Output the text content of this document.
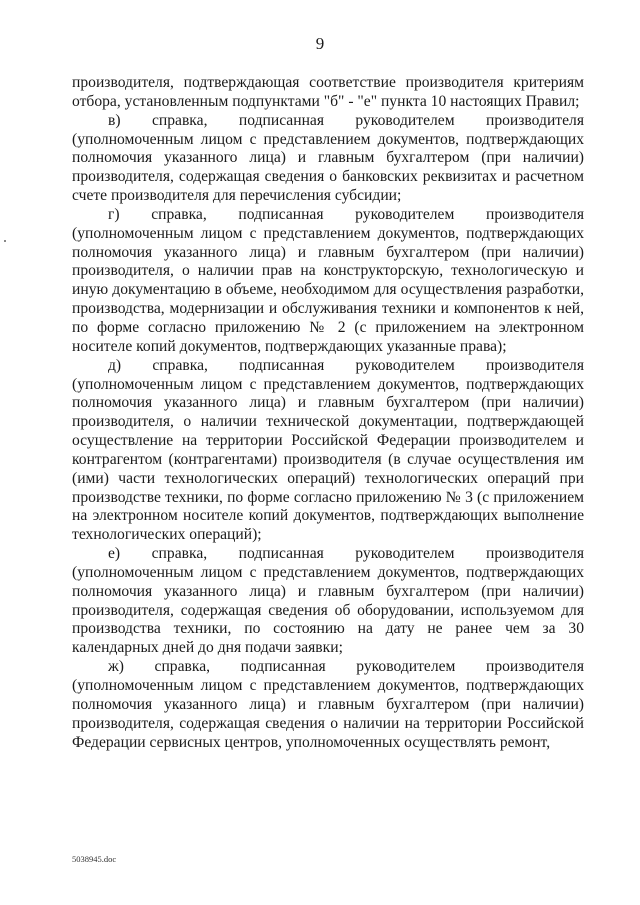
9

производителя, подтверждающая соответствие производителя критериям отбора, установленным подпунктами "б" - "е" пункта 10 настоящих Правил;

в) справка, подписанная руководителем производителя (уполномоченным лицом с представлением документов, подтверждающих полномочия указанного лица) и главным бухгалтером (при наличии) производителя, содержащая сведения о банковских реквизитах и расчетном счете производителя для перечисления субсидии;

г) справка, подписанная руководителем производителя (уполномоченным лицом с представлением документов, подтверждающих полномочия указанного лица) и главным бухгалтером (при наличии) производителя, о наличии прав на конструкторскую, технологическую и иную документацию в объеме, необходимом для осуществления разработки, производства, модернизации и обслуживания техники и компонентов к ней, по форме согласно приложению № 2 (с приложением на электронном носителе копий документов, подтверждающих указанные права);

д) справка, подписанная руководителем производителя (уполномоченным лицом с представлением документов, подтверждающих полномочия указанного лица) и главным бухгалтером (при наличии) производителя, о наличии технической документации, подтверждающей осуществление на территории Российской Федерации производителем и контрагентом (контрагентами) производителя (в случае осуществления им (ими) части технологических операций) технологических операций при производстве техники, по форме согласно приложению № 3 (с приложением на электронном носителе копий документов, подтверждающих выполнение технологических операций);

е) справка, подписанная руководителем производителя (уполномоченным лицом с представлением документов, подтверждающих полномочия указанного лица) и главным бухгалтером (при наличии) производителя, содержащая сведения об оборудовании, используемом для производства техники, по состоянию на дату не ранее чем за 30 календарных дней до дня подачи заявки;

ж) справка, подписанная руководителем производителя (уполномоченным лицом с представлением документов, подтверждающих полномочия указанного лица) и главным бухгалтером (при наличии) производителя, содержащая сведения о наличии на территории Российской Федерации сервисных центров, уполномоченных осуществлять ремонт,

5038945.doc
